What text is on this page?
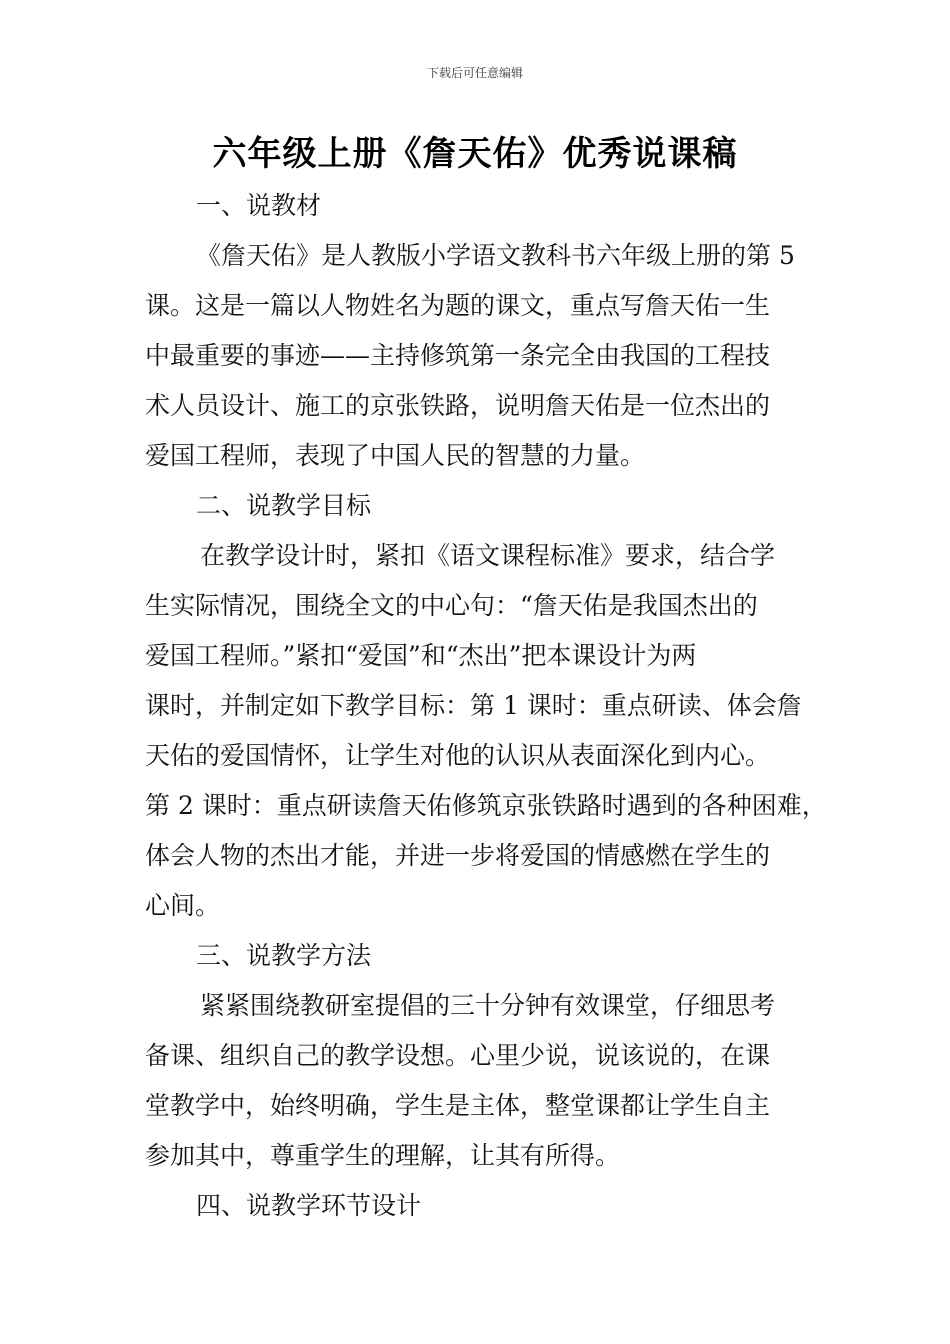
下载后可任意编辑
六年级上册《詹天佑》优秀说课稿
一、说教材
《詹天佑》是人教版小学语文教科书六年级上册的第 5
课。这是一篇以人物姓名为题的课文，重点写詹天佑一生
中最重要的事迹——主持修筑第一条完全由我国的工程技
术人员设计、施工的京张铁路，说明詹天佑是一位杰出的
爱国工程师，表现了中国人民的智慧的力量。
二、说教学目标
在教学设计时，紧扣《语文课程标准》要求，结合学
生实际情况，围绕全文的中心句：“詹天佑是我国杰出的
爱国工程师。”紧扣“爱国”和“杰出”把本课设计为两
课时，并制定如下教学目标：第 1 课时：重点研读、体会詹
天佑的爱国情怀，让学生对他的认识从表面深化到内心。
第 2 课时：重点研读詹天佑修筑京张铁路时遇到的各种困难，
体会人物的杰出才能，并进一步将爱国的情感燃在学生的
心间。
三、说教学方法
紧紧围绕教研室提倡的三十分钟有效课堂，仔细思考
备课、组织自己的教学设想。心里少说，说该说的，在课
堂教学中，始终明确，学生是主体，整堂课都让学生自主
参加其中，尊重学生的理解，让其有所得。
四、说教学环节设计
